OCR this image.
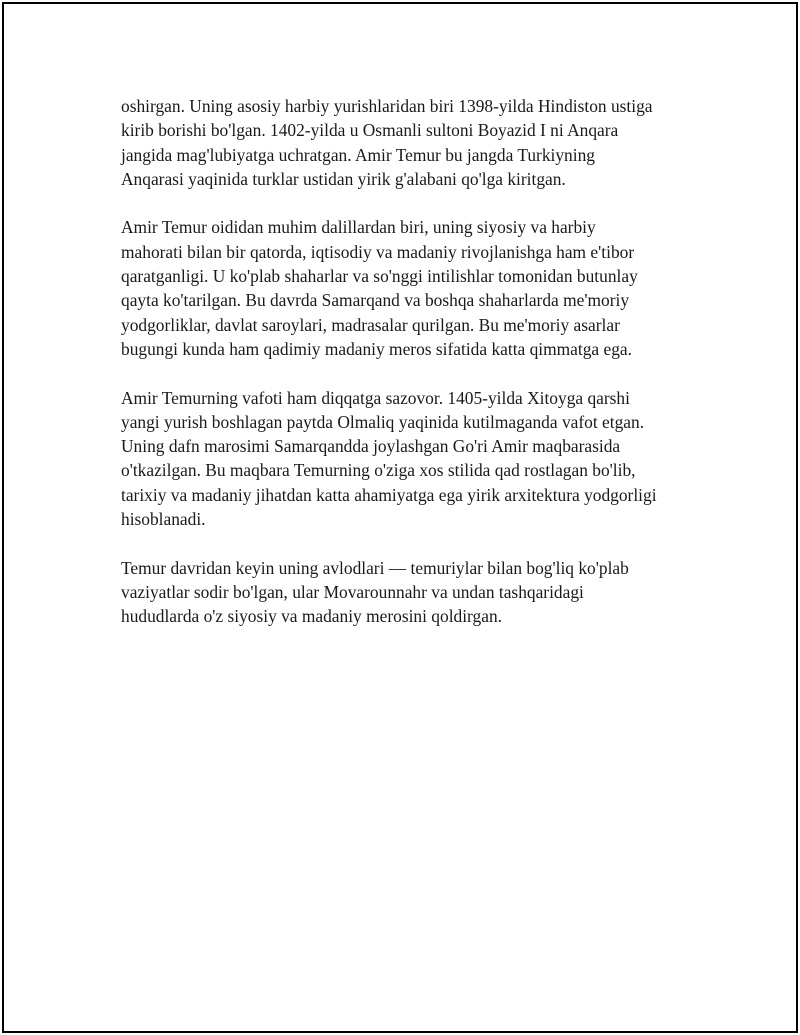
oshirgan. Uning asosiy harbiy yurishlaridan biri 1398-yilda Hindiston ustiga
kirib borishi bo'lgan. 1402-yilda u Osmanli sultoni Boyazid I ni Anqara
jangida mag'lubiyatga uchratgan. Amir Temur bu jangda Turkiyning
Anqarasi yaqinida turklar ustidan yirik g'alabani qo'lga kiritgan.

Amir Temur oididan muhim dalillardan biri, uning siyosiy va harbiy
mahorati bilan bir qatorda, iqtisodiy va madaniy rivojlanishga ham e'tibor
qaratganligi. U ko'plab shaharlar va so'nggi intilishlar tomonidan butunlay
qayta ko'tarilgan. Bu davrda Samarqand va boshqa shaharlarda me'moriy
yodgorliklar, davlat saroylari, madrasalar qurilgan. Bu me'moriy asarlar
bugungi kunda ham qadimiy madaniy meros sifatida katta qimmatga ega.

Amir Temurning vafoti ham diqqatga sazovor. 1405-yilda Xitoyga qarshi
yangi yurish boshlagan paytda Olmaliq yaqinida kutilmaganda vafot etgan.
Uning dafn marosimi Samarqandda joylashgan Go'ri Amir maqbarasida
o'tkazilgan. Bu maqbara Temurning o'ziga xos stilida qad rostlagan bo'lib,
tarixiy va madaniy jihatdan katta ahamiyatga ega yirik arxitektura yodgorligi
hisoblanadi.

Temur davridan keyin uning avlodlari — temuriylar bilan bog'liq ko'plab
vaziyatlar sodir bo'lgan, ular Movarounnahr va undan tashqaridagi
hududlarda o'z siyosiy va madaniy merosini qoldirgan.
